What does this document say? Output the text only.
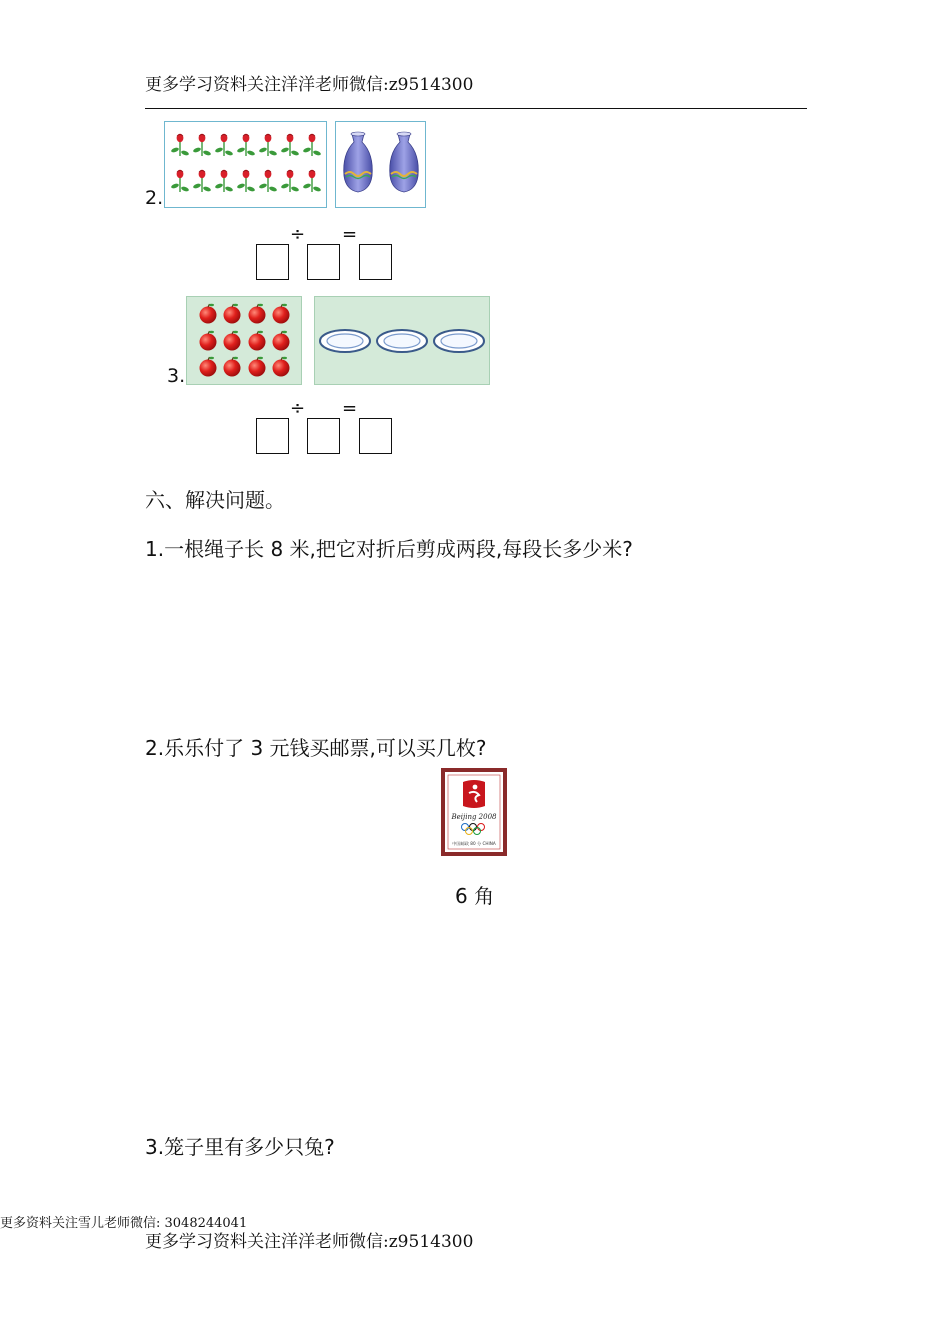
更多学习资料关注洋洋老师微信:z9514300
2.
÷ =
3.
÷ =
六、解决问题。
1.一根绳子长 8 米,把它对折后剪成两段,每段长多少米?
2.乐乐付了 3 元钱买邮票,可以买几枚?
Beijing 2008
中国邮政 80 分 CHINA
6 角
3.笼子里有多少只兔?
更多资料关注雪儿老师微信: 3048244041
更多学习资料关注洋洋老师微信:z9514300
